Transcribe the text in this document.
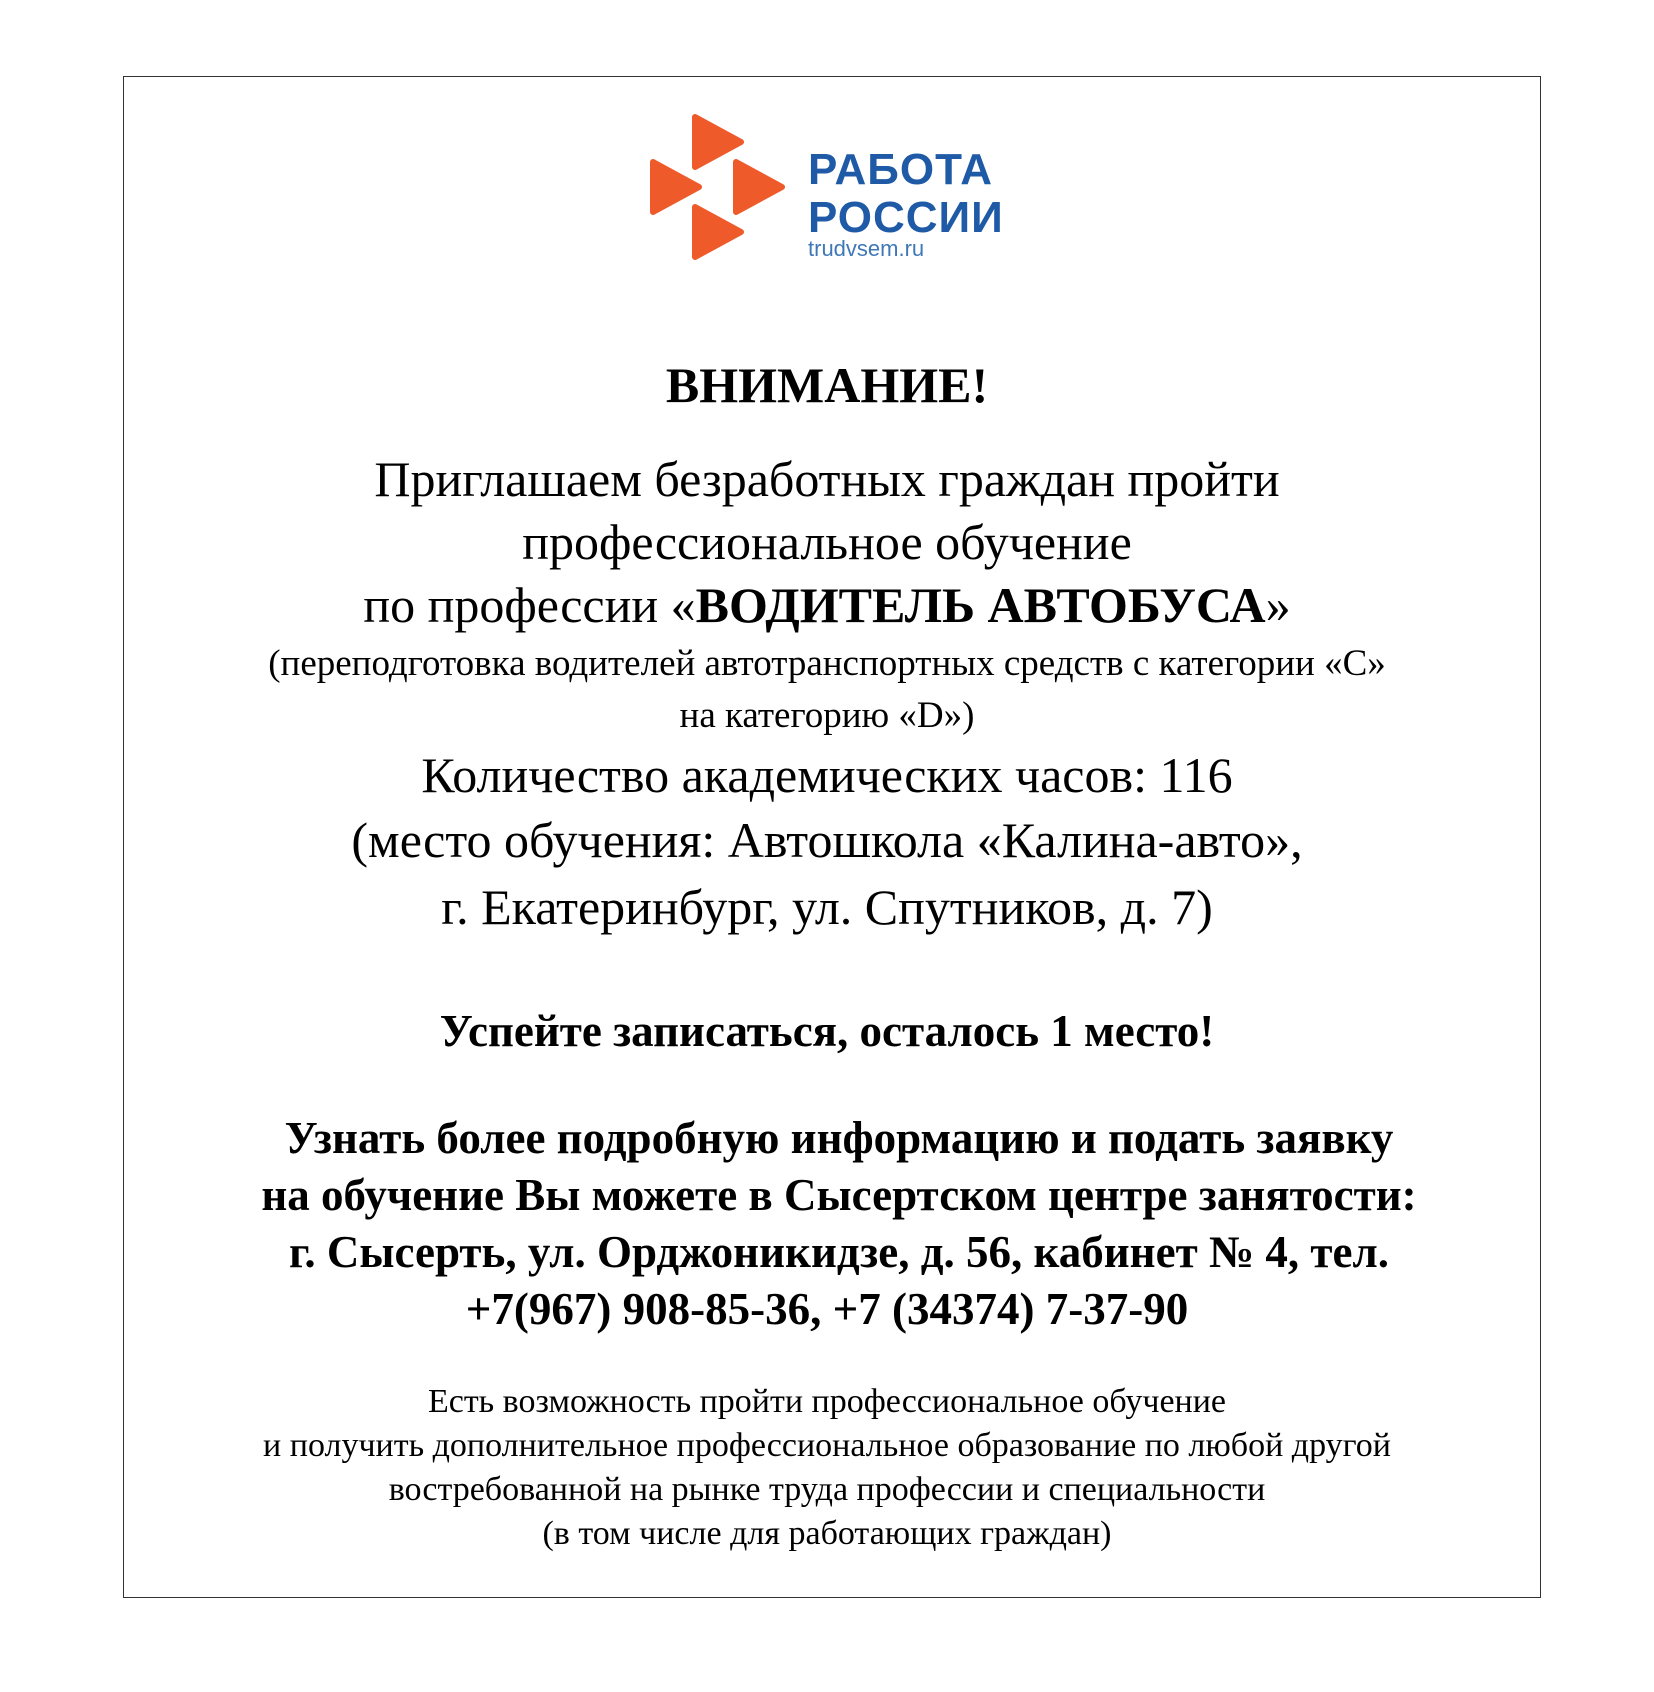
РАБОТА
РОССИИ
trudvsem.ru
ВНИМАНИЕ!
Приглашаем безработных граждан пройти
профессиональное обучение
по профессии «ВОДИТЕЛЬ АВТОБУСА»
(переподготовка водителей автотранспортных средств с категории «С»
на категорию «D»)
Количество академических часов: 116
(место обучения: Автошкола «Калина-авто»,
г. Екатеринбург, ул. Спутников, д. 7)
Успейте записаться, осталось 1 место!
Узнать более подробную информацию и подать заявку
на обучение Вы можете в Сысертском центре занятости:
г. Сысерть, ул. Орджоникидзе, д. 56, кабинет № 4, тел.
+7(967) 908-85-36, +7 (34374) 7-37-90
Есть возможность пройти профессиональное обучение
и получить дополнительное профессиональное образование по любой другой
востребованной на рынке труда профессии и специальности
(в том числе для работающих граждан)
